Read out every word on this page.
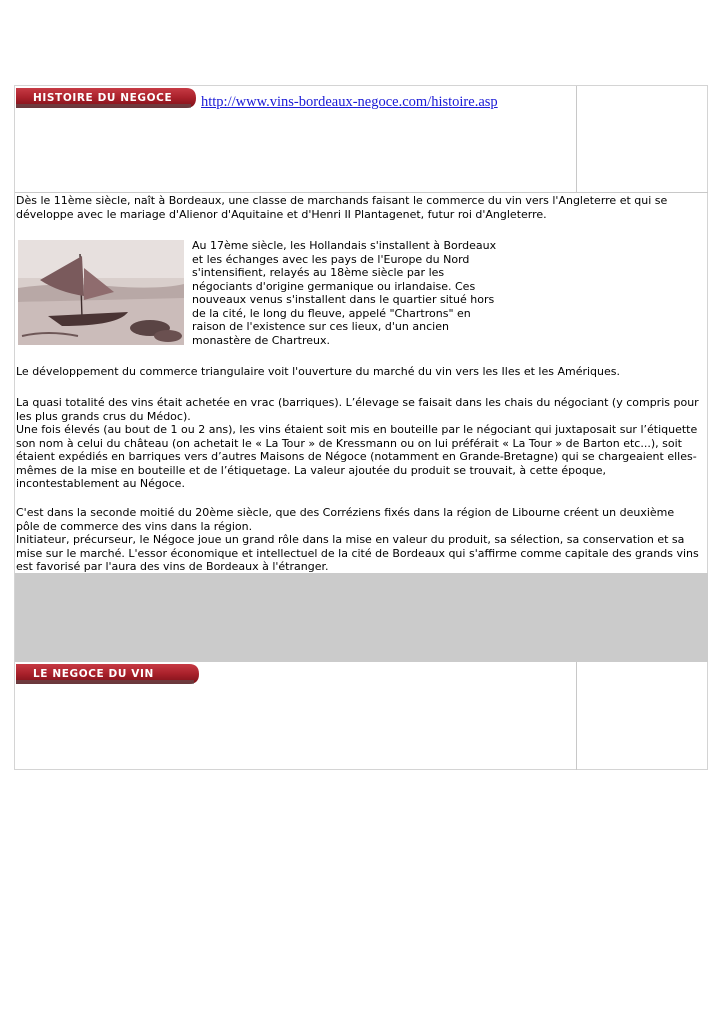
HISTOIRE DU NEGOCE http://www.vins-bordeaux-negoce.com/histoire.asp

Dès le 11ème siècle, naît à Bordeaux, une classe de marchands faisant le commerce du vin vers l'Angleterre et qui se développe avec le mariage d'Alienor d'Aquitaine et d'Henri II Plantagenet, futur roi d'Angleterre.

Au 17ème siècle, les Hollandais s'installent à Bordeaux et les échanges avec les pays de l'Europe du Nord s'intensifient, relayés au 18ème siècle par les négociants d'origine germanique ou irlandaise. Ces nouveaux venus s'installent dans le quartier situé hors de la cité, le long du fleuve, appelé "Chartrons" en raison de l'existence sur ces lieux, d'un ancien monastère de Chartreux.

Le développement du commerce triangulaire voit l'ouverture du marché du vin vers les Iles et les Amériques.

La quasi totalité des vins était achetée en vrac (barriques). L’élevage se faisait dans les chais du négociant (y compris pour les plus grands crus du Médoc).

Une fois élevés (au bout de 1 ou 2 ans), les vins étaient soit mis en bouteille par le négociant qui juxtaposait sur l’étiquette son nom à celui du château (on achetait le « La Tour » de Kressmann ou on lui préférait « La Tour » de Barton etc...), soit étaient expédiés en barriques vers d’autres Maisons de Négoce (notamment en Grande-Bretagne) qui se chargeaient elles-mêmes de la mise en bouteille et de l’étiquetage. La valeur ajoutée du produit se trouvait, à cette époque, incontestablement au Négoce.

C'est dans la seconde moitié du 20ème siècle, que des Corréziens fixés dans la région de Libourne créent un deuxième pôle de commerce des vins dans la région.

Initiateur, précurseur, le Négoce joue un grand rôle dans la mise en valeur du produit, sa sélection, sa conservation et sa mise sur le marché. L'essor économique et intellectuel de la cité de Bordeaux qui s'affirme comme capitale des grands vins est favorisé par l'aura des vins de Bordeaux à l'étranger.

LE NEGOCE DU VIN
